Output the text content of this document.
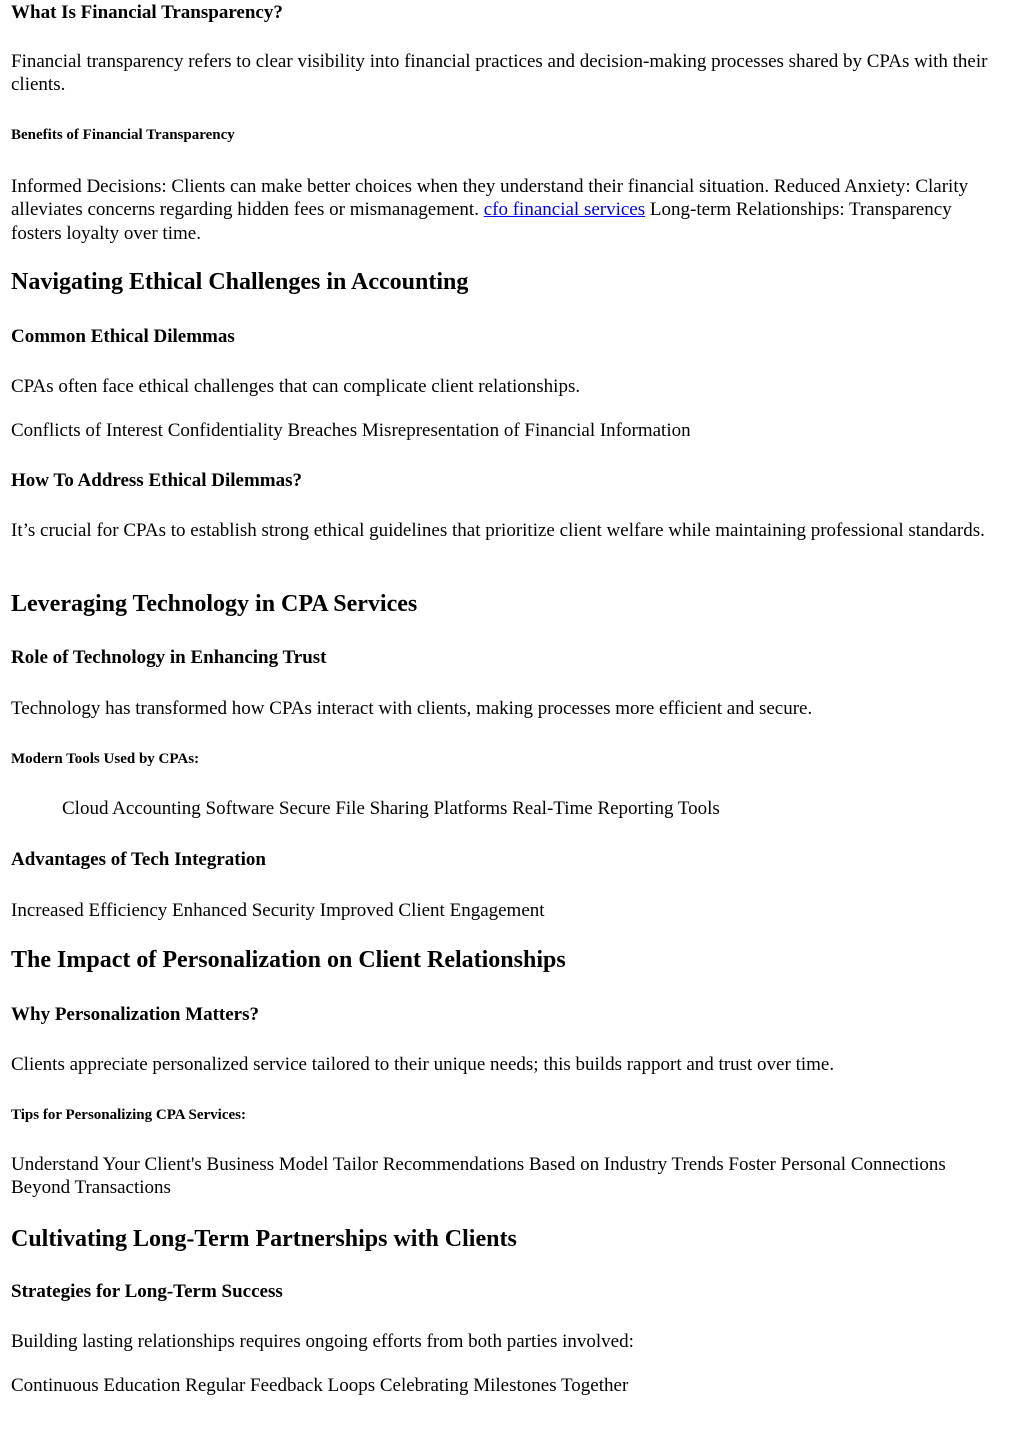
What Is Financial Transparency?

Financial transparency refers to clear visibility into financial practices and decision-making processes shared by CPAs with their clients.

Benefits of Financial Transparency

Informed Decisions: Clients can make better choices when they understand their financial situation. Reduced Anxiety: Clarity alleviates concerns regarding hidden fees or mismanagement. cfo financial services Long-term Relationships: Transparency fosters loyalty over time.

Navigating Ethical Challenges in Accounting
Common Ethical Dilemmas

CPAs often face ethical challenges that can complicate client relationships.

Conflicts of Interest Confidentiality Breaches Misrepresentation of Financial Information

How To Address Ethical Dilemmas?

It’s crucial for CPAs to establish strong ethical guidelines that prioritize client welfare while maintaining professional standards.

Leveraging Technology in CPA Services
Role of Technology in Enhancing Trust

Technology has transformed how CPAs interact with clients, making processes more efficient and secure.

Modern Tools Used by CPAs:

Cloud Accounting Software Secure File Sharing Platforms Real-Time Reporting Tools

Advantages of Tech Integration

Increased Efficiency Enhanced Security Improved Client Engagement

The Impact of Personalization on Client Relationships
Why Personalization Matters?

Clients appreciate personalized service tailored to their unique needs; this builds rapport and trust over time.

Tips for Personalizing CPA Services:

Understand Your Client's Business Model Tailor Recommendations Based on Industry Trends Foster Personal Connections Beyond Transactions

Cultivating Long-Term Partnerships with Clients
Strategies for Long-Term Success

Building lasting relationships requires ongoing efforts from both parties involved:

Continuous Education Regular Feedback Loops Celebrating Milestones Together
